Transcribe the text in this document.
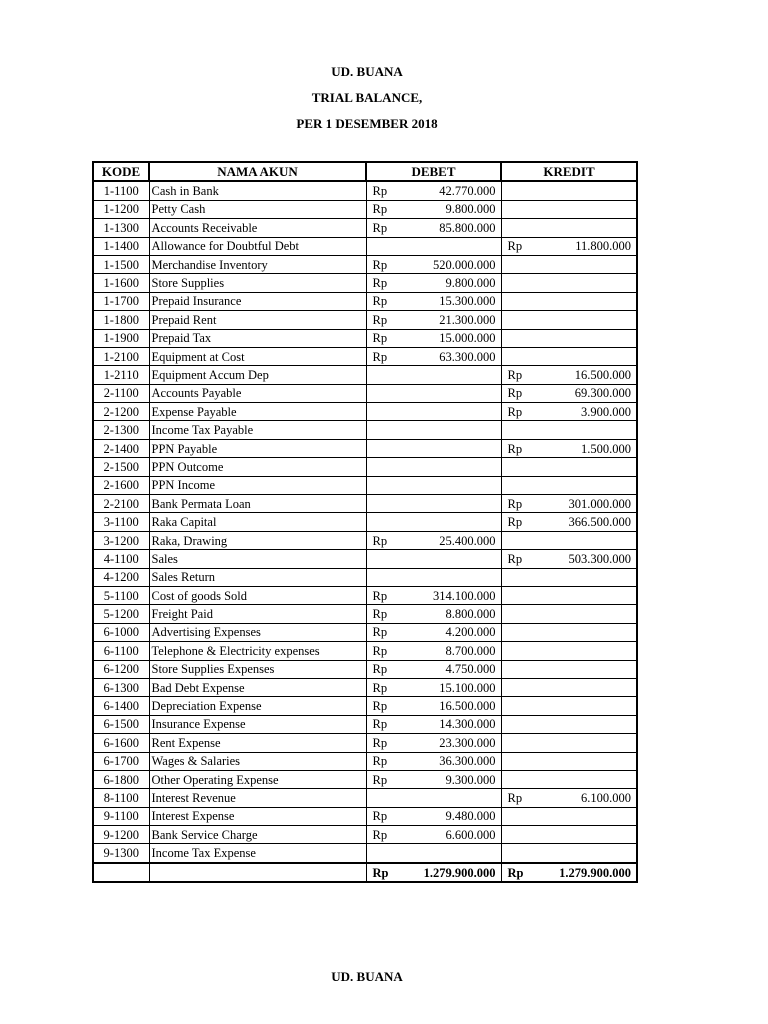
UD. BUANA
TRIAL BALANCE,
PER 1 DESEMBER 2018
KODE	NAMA AKUN	DEBET	KREDIT
1-1100	Cash in Bank	Rp 42.770.000	

1-1200	Petty Cash	Rp 9.800.000	

1-1300	Accounts Receivable	Rp 85.800.000	

1-1400	Allowance for Doubtful Debt		Rp 11.800.000

1-1500	Merchandise Inventory	Rp 520.000.000	

1-1600	Store Supplies	Rp 9.800.000	

1-1700	Prepaid Insurance	Rp 15.300.000	

1-1800	Prepaid Rent	Rp 21.300.000	

1-1900	Prepaid Tax	Rp 15.000.000	

1-2100	Equipment at Cost	Rp 63.300.000	

1-2110	Equipment Accum Dep		Rp 16.500.000

2-1100	Accounts Payable		Rp 69.300.000

2-1200	Expense Payable		Rp 3.900.000

2-1300	Income Tax Payable		
2-1400	PPN Payable		Rp 1.500.000

2-1500	PPN Outcome		
2-1600	PPN Income		
2-2100	Bank Permata Loan		Rp 301.000.000

3-1100	Raka Capital		Rp 366.500.000

3-1200	Raka, Drawing	Rp 25.400.000	

4-1100	Sales		Rp 503.300.000

4-1200	Sales Return		
5-1100	Cost of goods Sold	Rp 314.100.000	

5-1200	Freight Paid	Rp 8.800.000	

6-1000	Advertising Expenses	Rp 4.200.000	

6-1100	Telephone & Electricity expenses	Rp 8.700.000	

6-1200	Store Supplies Expenses	Rp 4.750.000	

6-1300	Bad Debt Expense	Rp 15.100.000	

6-1400	Depreciation Expense	Rp 16.500.000	

6-1500	Insurance Expense	Rp 14.300.000	

6-1600	Rent Expense	Rp 23.300.000	

6-1700	Wages & Salaries	Rp 36.300.000	

6-1800	Other Operating Expense	Rp 9.300.000	

8-1100	Interest Revenue		Rp 6.100.000

9-1100	Interest Expense	Rp 9.480.000	

9-1200	Bank Service Charge	Rp 6.600.000	

9-1300	Income Tax Expense		

		Rp 1.279.900.000	Rp 1.279.900.000
UD. BUANA
